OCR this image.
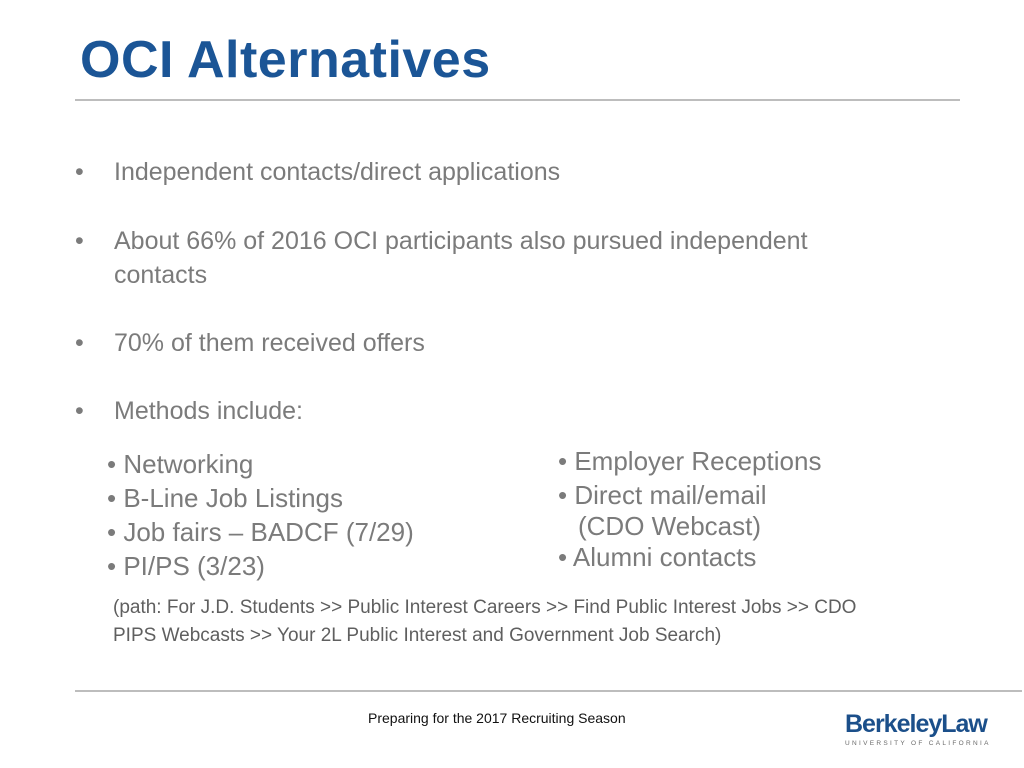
OCI Alternatives
• Independent contacts/direct applications
• About 66% of 2016 OCI participants also pursued independent contacts
• 70% of them received offers
• Methods include:
• Networking
• B-Line Job Listings
• Job fairs – BADCF (7/29)
• PI/PS (3/23)
• Employer Receptions
• Direct mail/email
(CDO Webcast)
• Alumni contacts
(path: For J.D. Students >> Public Interest Careers >> Find Public Interest Jobs >> CDO PIPS Webcasts >> Your 2L Public Interest and Government Job Search)
Preparing for the 2017 Recruiting Season	BerkeleyLaw
UNIVERSITY OF CALIFORNIA
